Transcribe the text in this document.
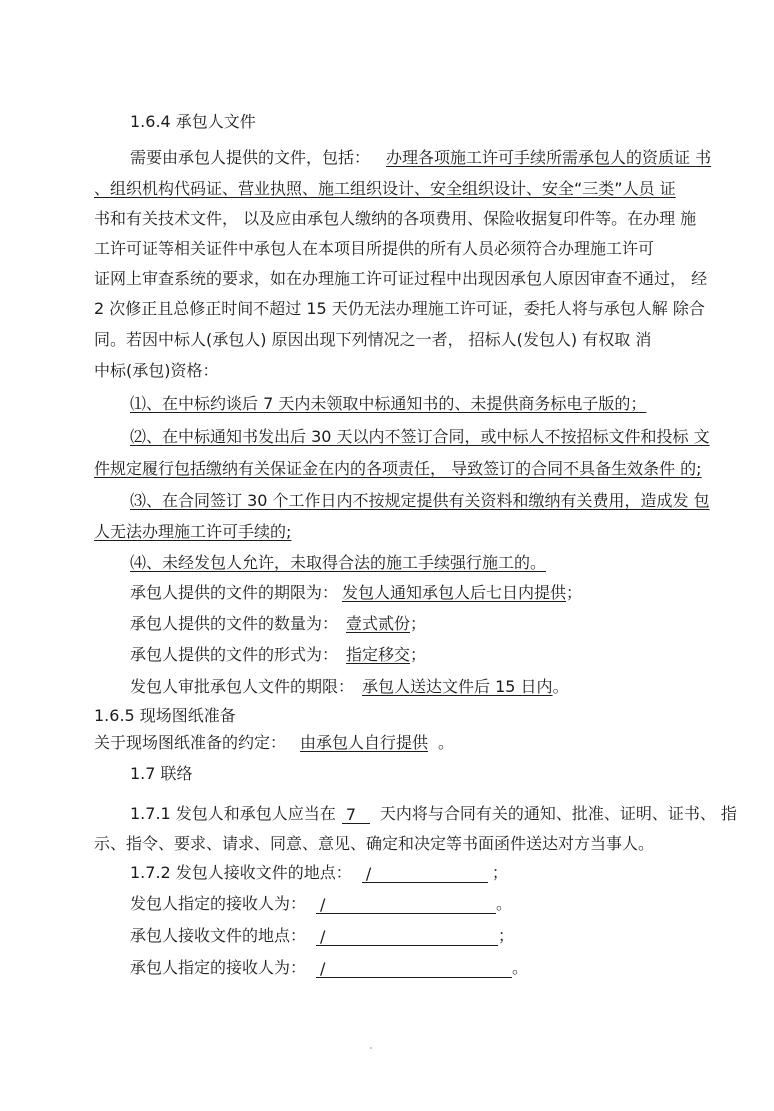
1.6.4 承包人文件

需要由承包人提供的文件，包括： 办理各项施工许可手续所需承包人的资质证 书

、组织机构代码证、营业执照、施工组织设计、安全组织设计、安全“三类”人员 证

书和有关技术文件， 以及应由承包人缴纳的各项费用、保险收据复印件等。在办理 施

工许可证等相关证件中承包人在本项目所提供的所有人员必须符合办理施工许可

证网上审查系统的要求，如在办理施工许可证过程中出现因承包人原因审查不通过， 经

2 次修正且总修正时间不超过 15 天仍无法办理施工许可证，委托人将与承包人解 除合

同。若因中标人(承包人) 原因出现下列情况之一者， 招标人(发包人) 有权取 消

中标(承包)资格：

⑴、在中标约谈后 7 天内未领取中标通知书的、未提供商务标电子版的；

⑵、在中标通知书发出后 30 天以内不签订合同，或中标人不按招标文件和投标 文

件规定履行包括缴纳有关保证金在内的各项责任， 导致签订的合同不具备生效条件 的;

⑶、在合同签订 30 个工作日内不按规定提供有关资料和缴纳有关费用，造成发 包

人无法办理施工许可手续的;

⑷、未经发包人允许，未取得合法的施工手续强行施工的。

承包人提供的文件的期限为： 发包人通知承包人后七日内提供；

承包人提供的文件的数量为： 壹式贰份；

承包人提供的文件的形式为： 指定移交；

发包人审批承包人文件的期限： 承包人送达文件后 15 日内。

1.6.5 现场图纸准备

关于现场图纸准备的约定： 由承包人自行提供 。

1.7 联络

1.7.1 发包人和承包人应当在 7 天内将与合同有关的通知、批准、证明、证书、 指

示、指令、要求、请求、同意、意见、确定和决定等书面函件送达对方当事人。

1.7.2 发包人接收文件的地点： /	；

发包人指定的接收人为： /	。

承包人接收文件的地点： /	；

承包人指定的接收人为： /	。
